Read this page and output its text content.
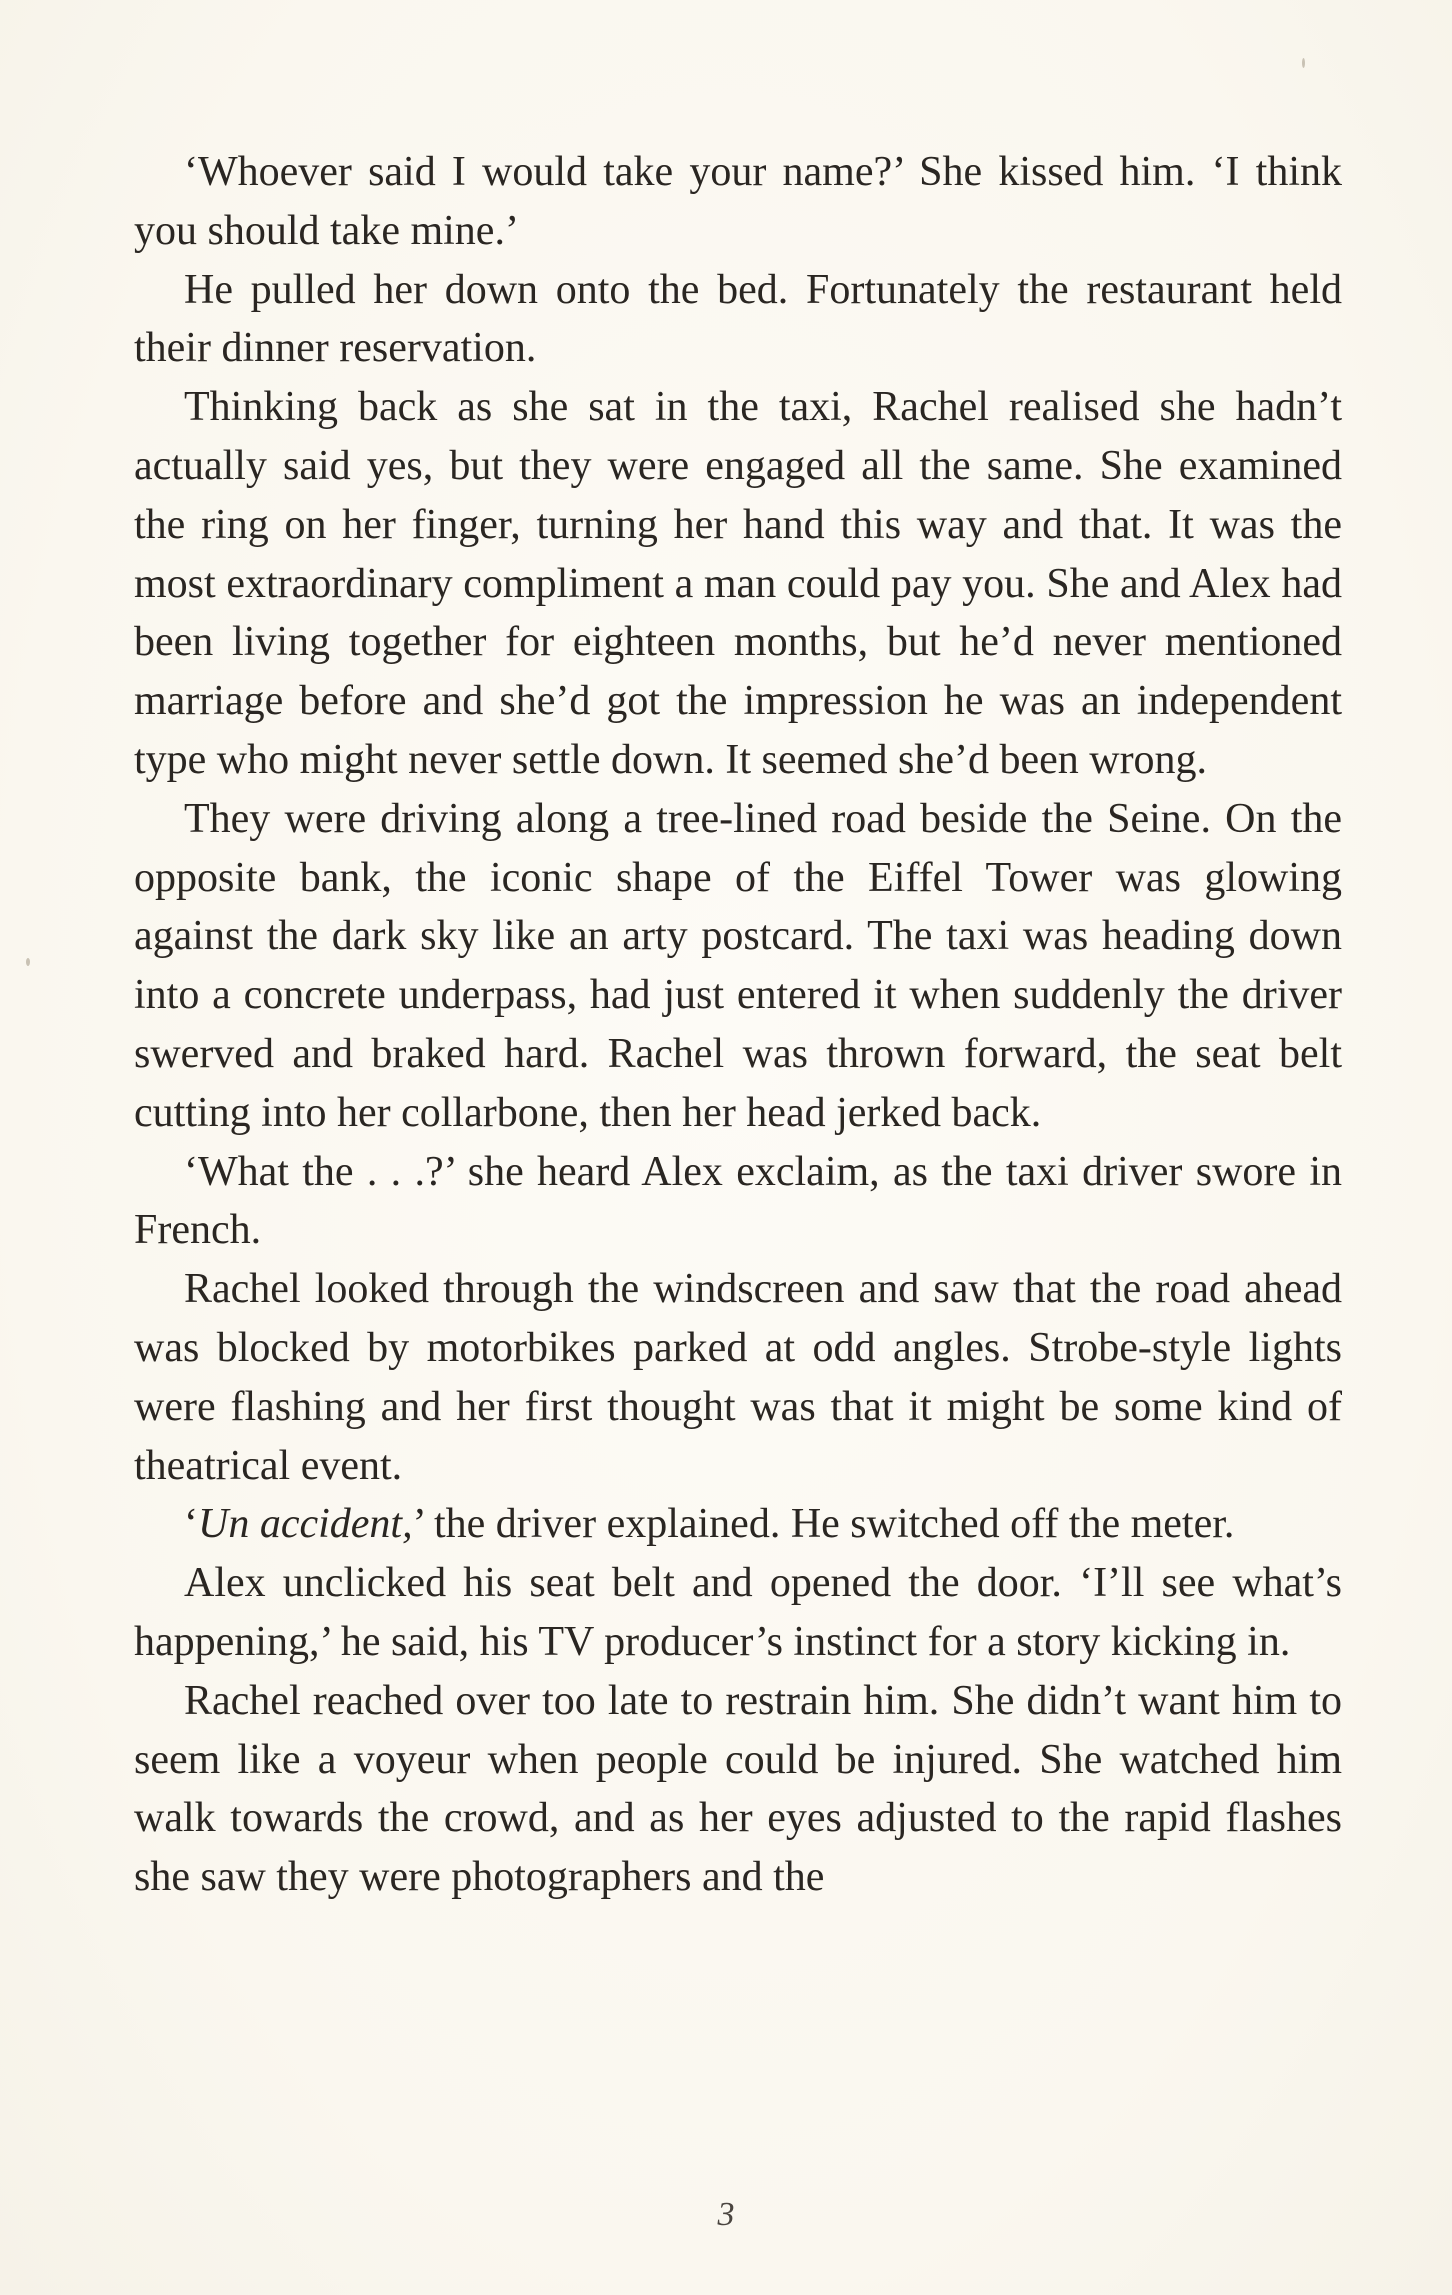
‘Whoever said I would take your name?’ She kissed him. ‘I think you should take mine.’

He pulled her down onto the bed. Fortunately the restaurant held their dinner reservation.

Thinking back as she sat in the taxi, Rachel realised she hadn’t actually said yes, but they were engaged all the same. She examined the ring on her finger, turning her hand this way and that. It was the most extraordinary compliment a man could pay you. She and Alex had been living together for eighteen months, but he’d never mentioned marriage before and she’d got the impression he was an independent type who might never settle down. It seemed she’d been wrong.

They were driving along a tree-lined road beside the Seine. On the opposite bank, the iconic shape of the Eiffel Tower was glowing against the dark sky like an arty postcard. The taxi was heading down into a concrete underpass, had just entered it when suddenly the driver swerved and braked hard. Rachel was thrown forward, the seat belt cutting into her collarbone, then her head jerked back.

‘What the . . .?’ she heard Alex exclaim, as the taxi driver swore in French.

Rachel looked through the windscreen and saw that the road ahead was blocked by motorbikes parked at odd angles. Strobe-style lights were flashing and her first thought was that it might be some kind of theatrical event.

‘Un accident,’ the driver explained. He switched off the meter.

Alex unclicked his seat belt and opened the door. ‘I’ll see what’s happening,’ he said, his TV producer’s instinct for a story kicking in.

Rachel reached over too late to restrain him. She didn’t want him to seem like a voyeur when people could be injured. She watched him walk towards the crowd, and as her eyes adjusted to the rapid flashes she saw they were photographers and the

3
